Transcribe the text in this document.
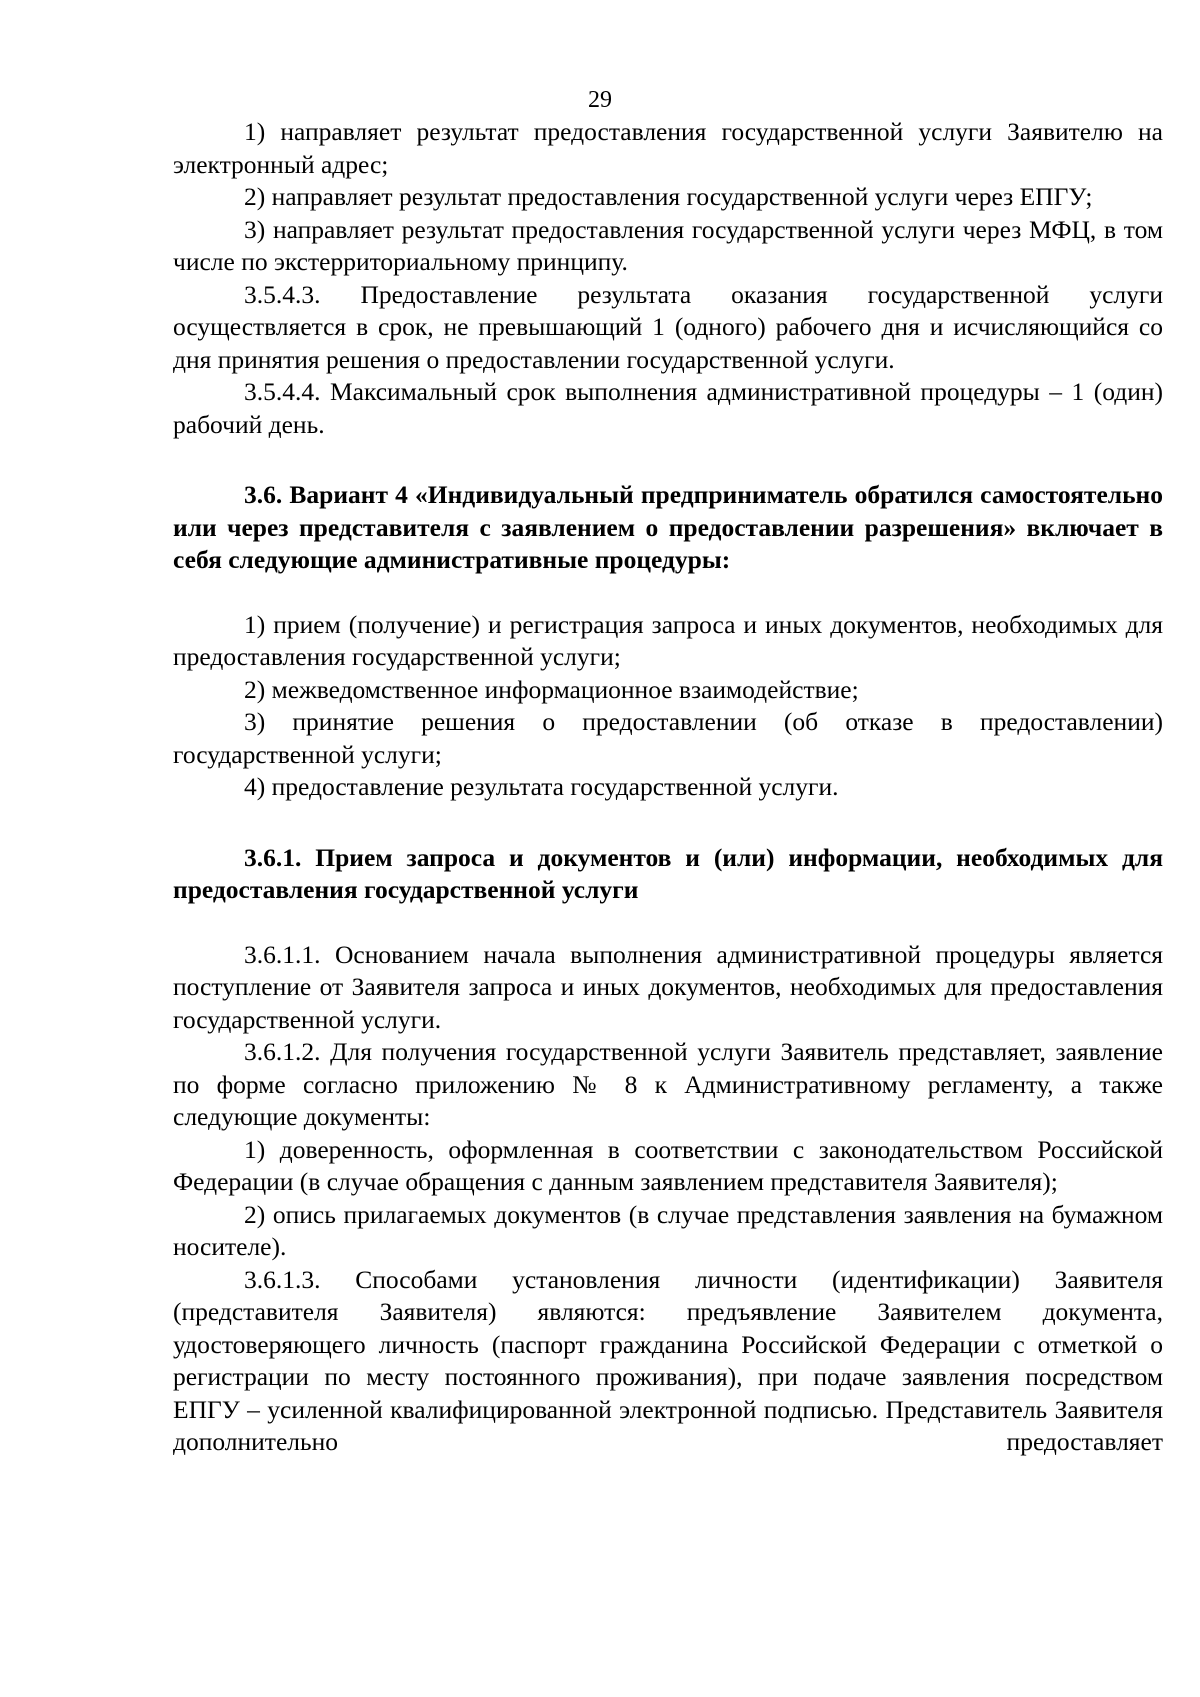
29

1) направляет результат предоставления государственной услуги Заявителю на электронный адрес;

2) направляет результат предоставления государственной услуги через ЕПГУ;

3) направляет результат предоставления государственной услуги через МФЦ, в том числе по экстерриториальному принципу.

3.5.4.3. Предоставление результата оказания государственной услуги осуществляется в срок, не превышающий 1 (одного) рабочего дня и исчисляющийся со дня принятия решения о предоставлении государственной услуги.

3.5.4.4. Максимальный срок выполнения административной процедуры – 1 (один) рабочий день.

3.6. Вариант 4 «Индивидуальный предприниматель обратился самостоятельно или через представителя с заявлением о предоставлении разрешения» включает в себя следующие административные процедуры:

1) прием (получение) и регистрация запроса и иных документов, необходимых для предоставления государственной услуги;

2) межведомственное информационное взаимодействие;

3) принятие решения о предоставлении (об отказе в предоставлении) государственной услуги;

4) предоставление результата государственной услуги.

3.6.1. Прием запроса и документов и (или) информации, необходимых для предоставления государственной услуги

3.6.1.1. Основанием начала выполнения административной процедуры является поступление от Заявителя запроса и иных документов, необходимых для предоставления государственной услуги.

3.6.1.2. Для получения государственной услуги Заявитель представляет, заявление по форме согласно приложению № 8 к Административному регламенту, а также следующие документы:

1) доверенность, оформленная в соответствии с законодательством Российской Федерации (в случае обращения с данным заявлением представителя Заявителя);

2) опись прилагаемых документов (в случае представления заявления на бумажном носителе).

3.6.1.3. Способами установления личности (идентификации) Заявителя (представителя Заявителя) являются: предъявление Заявителем документа, удостоверяющего личность (паспорт гражданина Российской Федерации с отметкой о регистрации по месту постоянного проживания), при подаче заявления посредством ЕПГУ – усиленной квалифицированной электронной подписью. Представитель Заявителя дополнительно предоставляет
